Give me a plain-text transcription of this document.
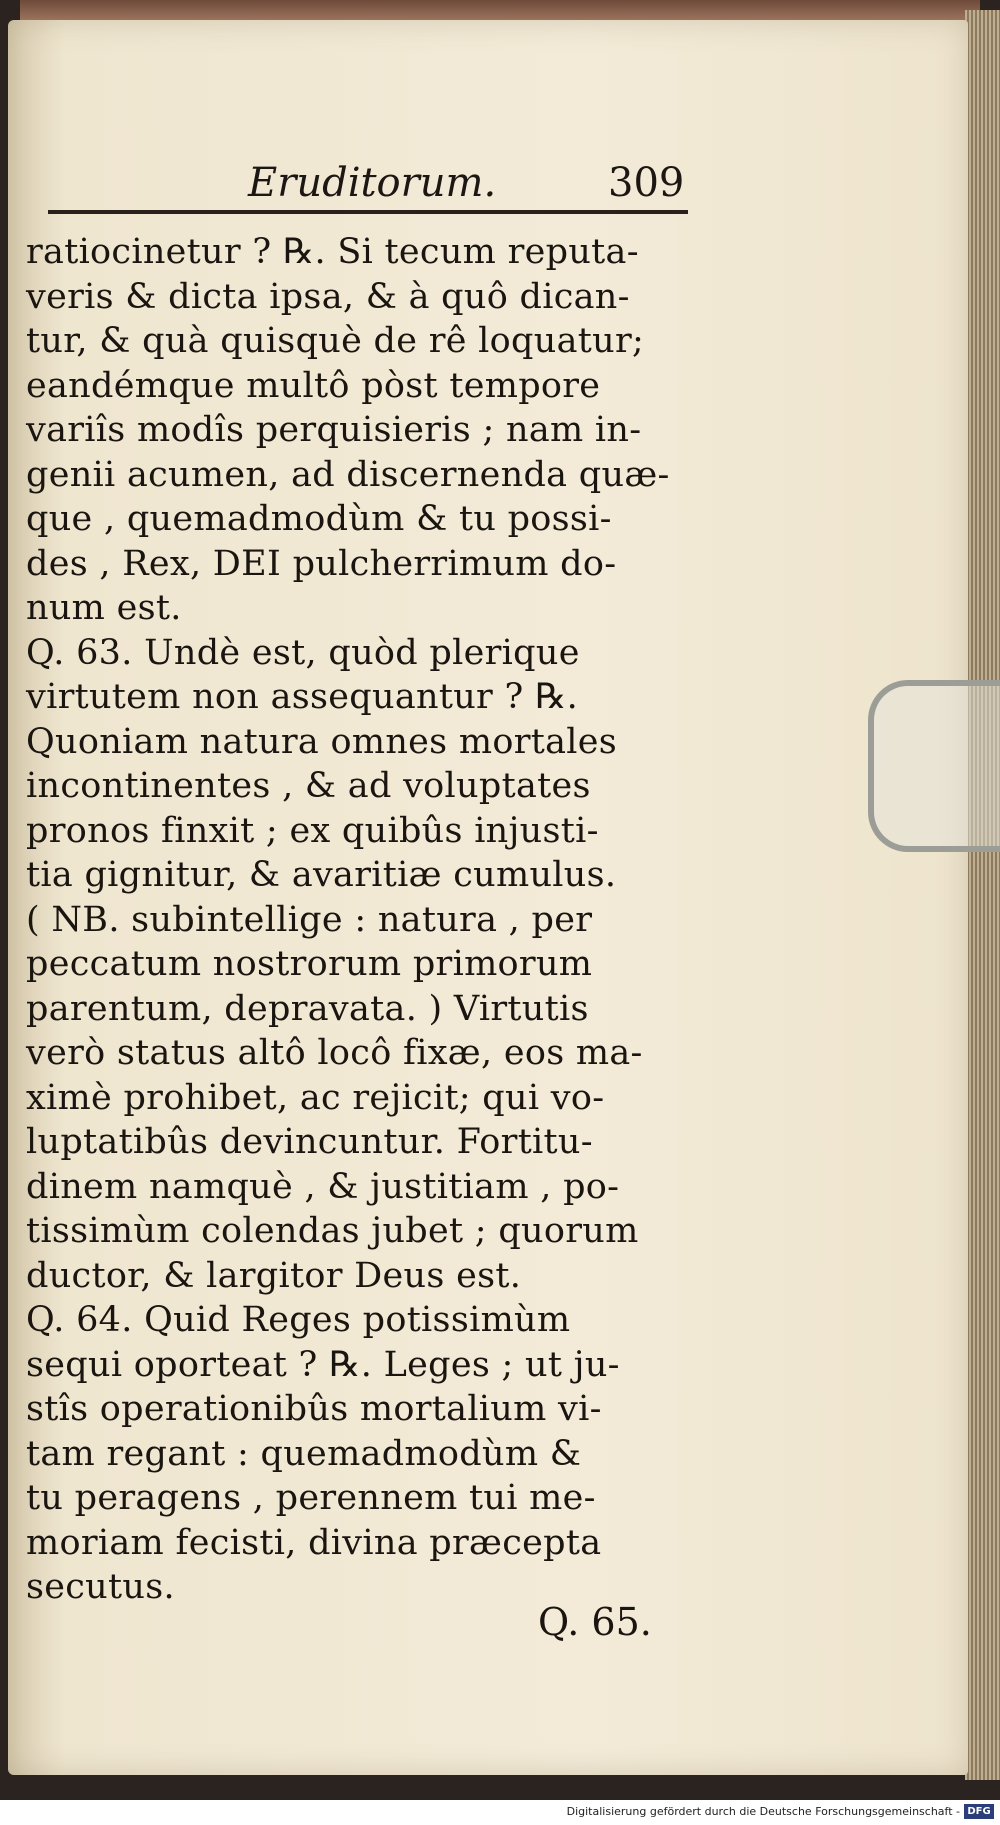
Eruditorum.	309
ratiocinetur ? ℞. Si tecum reputa-
veris & dicta ipsa, & à quô dican-
tur, & quà quisquè de rê loquatur;
eandémque multô pòst tempore
variîs modîs perquisieris ; nam in-
genii acumen, ad discernenda quæ-
que , quemadmodùm & tu possi-
des , Rex, DEI pulcherrimum do-
num est.
Q. 63. Undè est, quòd plerique
virtutem non assequantur ? ℞.
Quoniam natura omnes mortales
incontinentes , & ad voluptates
pronos finxit ; ex quibûs injusti-
tia gignitur, & avaritiæ cumulus.
( NB. subintellige : natura , per
peccatum nostrorum primorum
parentum, depravata. ) Virtutis
verò status altô locô fixæ, eos ma-
ximè prohibet, ac rejicit; qui vo-
luptatibûs devincuntur. Fortitu-
dinem namquè , & justitiam , po-
tissimùm colendas jubet ; quorum
ductor, & largitor Deus est.
Q. 64. Quid Reges potissimùm
sequi oporteat ? ℞. Leges ; ut ju-
stîs operationibûs mortalium vi-
tam regant : quemadmodùm &
tu peragens , perennem tui me-
moriam fecisti, divina præcepta
secutus.
Q. 65.
Digitalisierung gefördert durch die Deutsche Forschungsgemeinschaft - DFG
